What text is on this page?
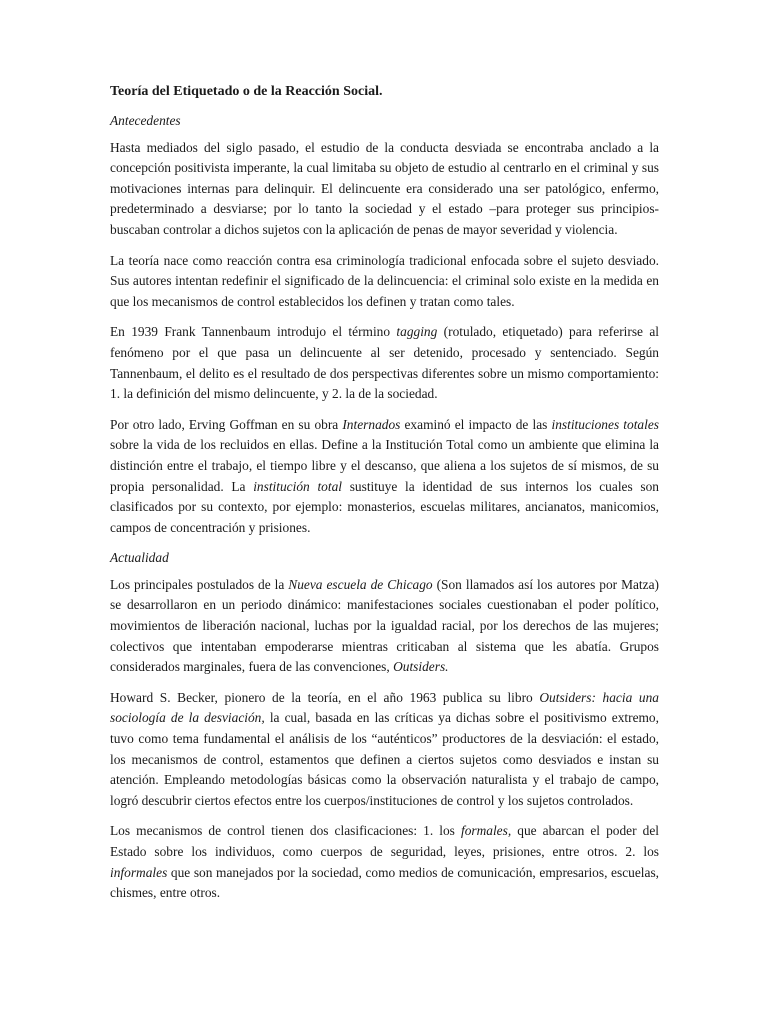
Teoría del Etiquetado o de la Reacción Social.
Antecedentes

Hasta mediados del siglo pasado, el estudio de la conducta desviada se encontraba anclado a la concepción positivista imperante, la cual limitaba su objeto de estudio al centrarlo en el criminal y sus motivaciones internas para delinquir. El delincuente era considerado una ser patológico, enfermo, predeterminado a desviarse; por lo tanto la sociedad y el estado –para proteger sus principios- buscaban controlar a dichos sujetos con la aplicación de penas de mayor severidad y violencia.

La teoría nace como reacción contra esa criminología tradicional enfocada sobre el sujeto desviado. Sus autores intentan redefinir el significado de la delincuencia: el criminal solo existe en la medida en que los mecanismos de control establecidos los definen y tratan como tales.

En 1939 Frank Tannenbaum introdujo el término tagging (rotulado, etiquetado) para referirse al fenómeno por el que pasa un delincuente al ser detenido, procesado y sentenciado. Según Tannenbaum, el delito es el resultado de dos perspectivas diferentes sobre un mismo comportamiento: 1. la definición del mismo delincuente, y 2. la de la sociedad.

Por otro lado, Erving Goffman en su obra Internados examinó el impacto de las instituciones totales sobre la vida de los recluidos en ellas. Define a la Institución Total como un ambiente que elimina la distinción entre el trabajo, el tiempo libre y el descanso, que aliena a los sujetos de sí mismos, de su propia personalidad. La institución total sustituye la identidad de sus internos los cuales son clasificados por su contexto, por ejemplo: monasterios, escuelas militares, ancianatos, manicomios, campos de concentración y prisiones.

Actualidad

Los principales postulados de la Nueva escuela de Chicago (Son llamados así los autores por Matza) se desarrollaron en un periodo dinámico: manifestaciones sociales cuestionaban el poder político, movimientos de liberación nacional, luchas por la igualdad racial, por los derechos de las mujeres; colectivos que intentaban empoderarse mientras criticaban al sistema que les abatía. Grupos considerados marginales, fuera de las convenciones, Outsiders.

Howard S. Becker, pionero de la teoría, en el año 1963 publica su libro Outsiders: hacia una sociología de la desviación, la cual, basada en las críticas ya dichas sobre el positivismo extremo, tuvo como tema fundamental el análisis de los “auténticos” productores de la desviación: el estado, los mecanismos de control, estamentos que definen a ciertos sujetos como desviados e instan su atención. Empleando metodologías básicas como la observación naturalista y el trabajo de campo, logró descubrir ciertos efectos entre los cuerpos/instituciones de control y los sujetos controlados.

Los mecanismos de control tienen dos clasificaciones: 1. los formales, que abarcan el poder del Estado sobre los individuos, como cuerpos de seguridad, leyes, prisiones, entre otros. 2. los informales que son manejados por la sociedad, como medios de comunicación, empresarios, escuelas, chismes, entre otros.
